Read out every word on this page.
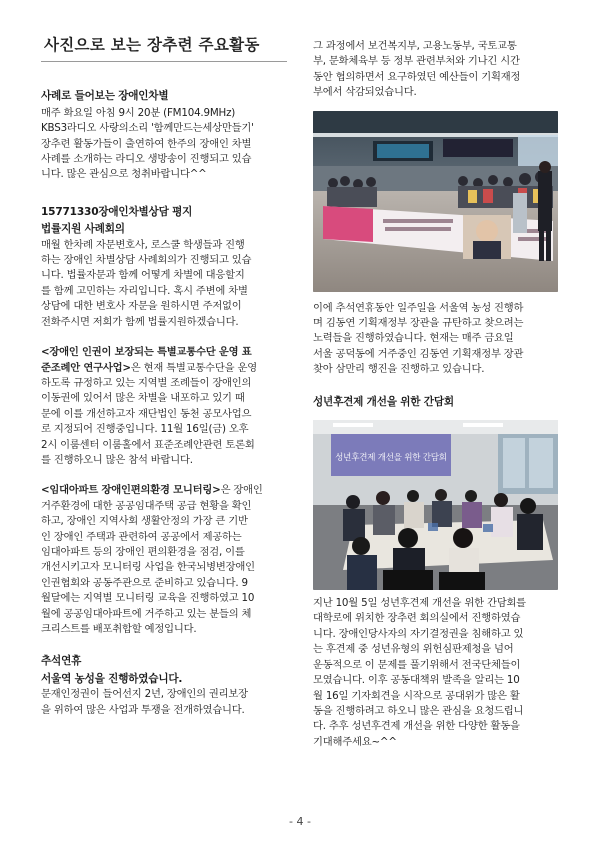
사진으로 보는 장추련 주요활동
사례로 들어보는 장애인차별

매주 화요일 아침 9시 20분 (FM104.9MHz)

KBS3라디오 사랑의소리 '함께만드는세상만들기'

장추련 활동가들이 출연하여 한주의 장애인 차별

사례를 소개하는 라디오 생방송이 진행되고 있습

니다. 많은 관심으로 청취바랍니다^^

15771330장애인차별상담 평지
법률지원 사례회의

매월 한차례 자문변호사, 로스쿨 학생들과 진행

하는 장애인 차별상담 사례회의가 진행되고 있습

니다. 법률자문과 함께 어떻게 차별에 대응할지

를 함께 고민하는 자리입니다. 혹시 주변에 차별

상담에 대한 변호사 자문을 원하시면 주저없이

전화주시면 저희가 함께 법률지원하겠습니다.

<장애인 인권이 보장되는 특별교통수단 운영 표

준조례안 연구사업>은 현재 특별교통수단을 운영

하도록 규정하고 있는 지역별 조례들이 장애인의

이동권에 있어서 많은 차별을 내포하고 있기 때

문에 이를 개선하고자 재단법인 동천 공모사업으

로 지정되어 진행중입니다. 11월 16일(금) 오후

2시 이룸센터 이룸홀에서 표준조례안관련 토론회

를 진행하오니 많은 참석 바랍니다.

<임대아파트 장애인편의환경 모니터링>은 장애인

거주환경에 대한 공공임대주택 공급 현황을 확인

하고, 장애인 지역사회 생활안정의 가장 큰 기반

인 장애인 주택과 관련하여 공공에서 제공하는

임대아파트 등의 장애인 편의환경을 점검, 이를

개선시키고자 모니터링 사업을 한국뇌병변장애인

인권협회와 공동주관으로 준비하고 있습니다. 9

월달에는 지역별 모니터링 교육을 진행하였고 10

월에 공공임대아파트에 거주하고 있는 분들의 체

크리스트를 배포취합할 예정입니다.

추석연휴
서울역 농성을 진행하였습니다.

문재인정권이 들어선지 2년, 장애인의 권리보장

을 위하여 많은 사업과 투쟁을 전개하였습니다.

그 과정에서 보건복지부, 고용노동부, 국토교통

부, 문화체육부 등 정부 관련부처와 기나긴 시간

동안 협의하면서 요구하였던 예산들이 기획재정

부에서 삭감되었습니다.

이에 추석연휴동안 일주일을 서울역 농성 진행하

며 김동연 기획재정부 장관을 규탄하고 찾으려는

노력들을 진행하였습니다. 현재는 매주 금요일

서울 공덕동에 거주중인 김동연 기획재정부 장관

찾아 삼만리 행진을 진행하고 있습니다.

성년후견제 개선을 위한 간담회
성년후견제 개선을 위한 간담회

지난 10월 5일 성년후견제 개선을 위한 간담회를

대학로에 위치한 장추련 회의실에서 진행하였습

니다. 장애인당사자의 자기결정권을 침해하고 있

는 후견제 중 성년유형의 위헌심판제청을 넘어

운동적으로 이 문제를 풀기위해서 전국단체들이

모였습니다. 이후 공동대책위 발족을 알리는 10

월 16일 기자회견을 시작으로 공대위가 많은 활

동을 진행하려고 하오니 많은 관심을 요청드립니

다. 추후 성년후견제 개선을 위한 다양한 활동을

기대해주세요~^^

- 4 -
